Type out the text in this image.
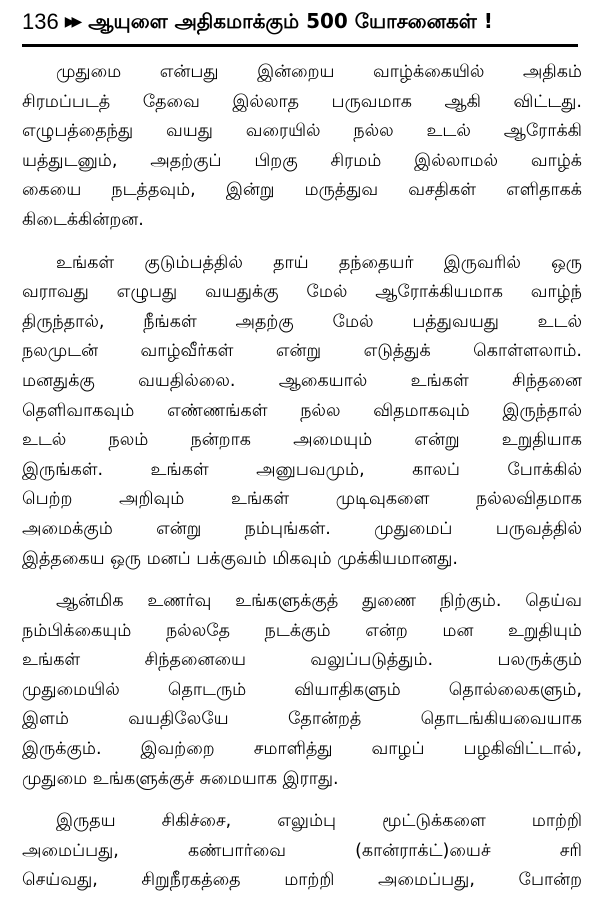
136 ▶▶ ஆயுளை அதிகமாக்கும் 500 யோசனைகள் !
முதுமை என்பது இன்றைய வாழ்க்கையில் அதிகம்
சிரமப்படத் தேவை இல்லாத பருவமாக ஆகி விட்டது.
எழுபத்தைந்து வயது வரையில் நல்ல உடல் ஆரோக்கி
யத்துடனும், அதற்குப் பிறகு சிரமம் இல்லாமல் வாழ்க்
கையை நடத்தவும், இன்று மருத்துவ வசதிகள் எளிதாகக்
கிடைக்கின்றன.
உங்கள் குடும்பத்தில் தாய் தந்தையர் இருவரில் ஒரு
வராவது எழுபது வயதுக்கு மேல் ஆரோக்கியமாக வாழ்ந்
திருந்தால், நீங்கள் அதற்கு மேல் பத்துவயது உடல்
நலமுடன் வாழ்வீர்கள் என்று எடுத்துக் கொள்ளலாம்.
மனதுக்கு வயதில்லை. ஆகையால் உங்கள் சிந்தனை
தெளிவாகவும் எண்ணங்கள் நல்ல விதமாகவும் இருந்தால்
உடல் நலம் நன்றாக அமையும் என்று உறுதியாக
இருங்கள். உங்கள் அனுபவமும், காலப் போக்கில்
பெற்ற அறிவும் உங்கள் முடிவுகளை நல்லவிதமாக
அமைக்கும் என்று நம்புங்கள். முதுமைப் பருவத்தில்
இத்தகைய ஒரு மனப் பக்குவம் மிகவும் முக்கியமானது.
ஆன்மிக உணர்வு உங்களுக்குத் துணை நிற்கும். தெய்வ
நம்பிக்கையும் நல்லதே நடக்கும் என்ற மன உறுதியும்
உங்கள் சிந்தனையை வலுப்படுத்தும். பலருக்கும்
முதுமையில் தொடரும் வியாதிகளும் தொல்லைகளும்,
இளம் வயதிலேயே தோன்றத் தொடங்கியவையாக
இருக்கும். இவற்றை சமாளித்து வாழப் பழகிவிட்டால்,
முதுமை உங்களுக்குச் சுமையாக இராது.
இருதய சிகிச்சை, எலும்பு மூட்டுக்களை மாற்றி
அமைப்பது, கண்பார்வை (கான்ராக்ட்)யைச் சரி
செய்வது, சிறுநீரகத்தை மாற்றி அமைப்பது, போன்ற
